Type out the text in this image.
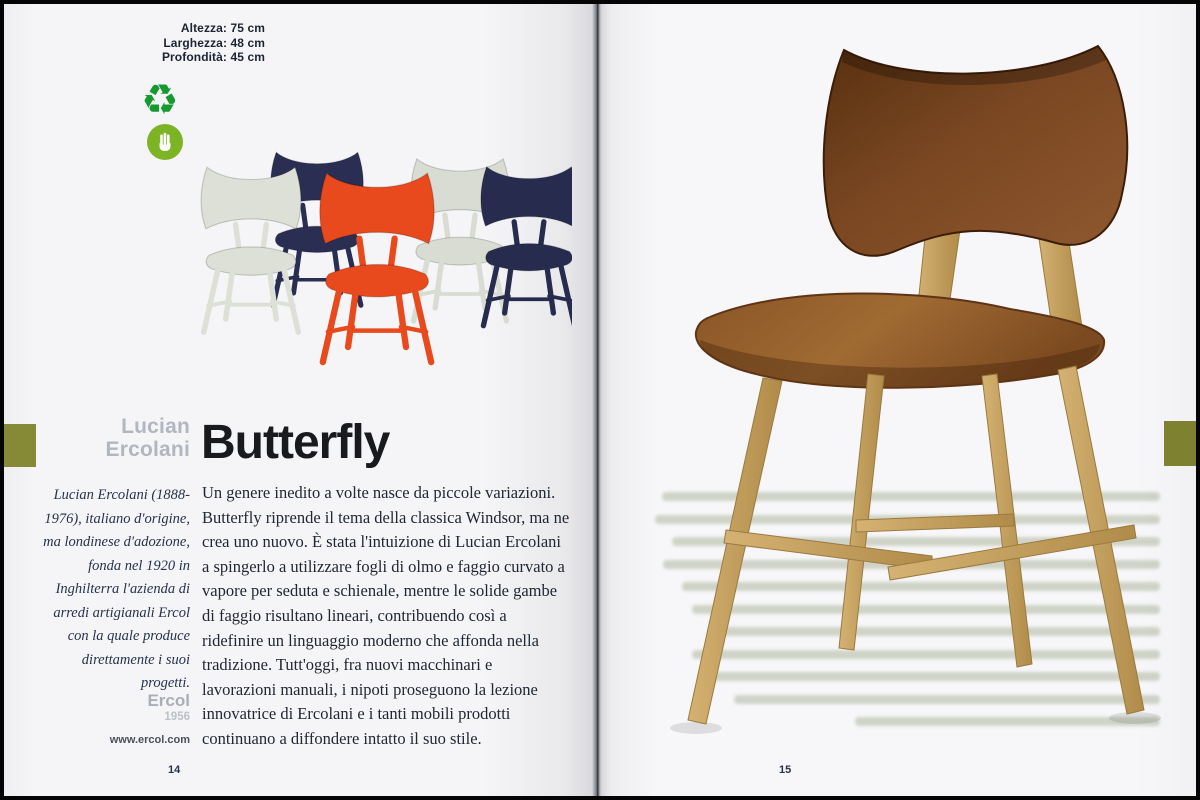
Altezza: 75 cm
Larghezza: 48 cm
Profondità: 45 cm
♻
Lucian Ercolani
Lucian Ercolani (1888-1976), italiano d'origine, ma londinese d'adozione, fonda nel 1920 in Inghilterra l'azienda di arredi artigianali Ercol con la quale produce direttamente i suoi progetti.
Ercol
1956
www.ercol.com
Butterfly
Un genere inedito a volte nasce da piccole variazioni. Butterfly riprende il tema della classica Windsor, ma ne crea uno nuovo. È stata l'intuizione di Lucian Ercolani a spingerlo a utilizzare fogli di olmo e faggio curvato a vapore per seduta e schienale, mentre le solide gambe di faggio risultano lineari, contribuendo così a ridefinire un linguaggio moderno che affonda nella tradizione. Tutt'oggi, fra nuovi macchinari e lavorazioni manuali, i nipoti proseguono la lezione innovatrice di Ercolani e i tanti mobili prodotti continuano a diffondere intatto il suo stile.
14	15
